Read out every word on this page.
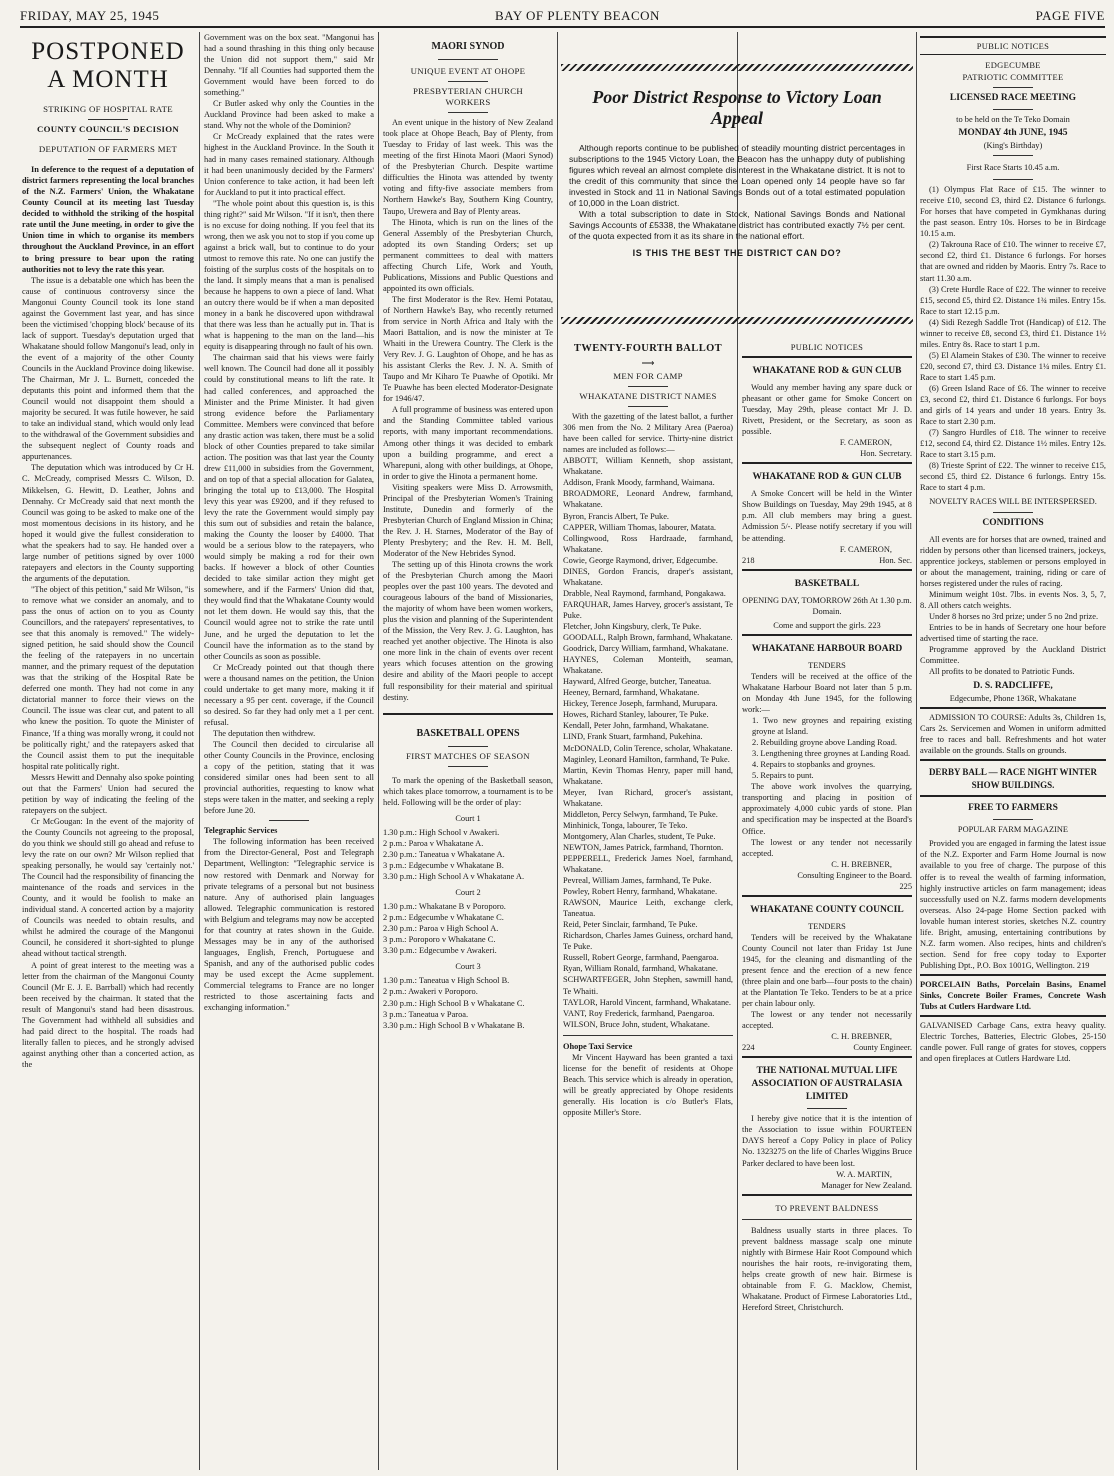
FRIDAY, MAY 25, 1945	BAY OF PLENTY BEACON	PAGE FIVE
POSTPONED A MONTH
STRIKING OF HOSPITAL RATE
COUNTY COUNCIL'S DECISION
DEPUTATION OF FARMERS MET

In deference to the request of a deputation of district farmers representing the local branches of the N.Z. Farmers' Union, the Whakatane County Council at its meeting last Tuesday decided to withhold the striking of the hospital rate until the June meeting, in order to give the Union time in which to organise its members throughout the Auckland Province, in an effort to bring pressure to bear upon the rating authorities not to levy the rate this year.

The issue is a debatable one which has been the cause of continuous controversy since the Mangonui County Council took its lone stand against the Government last year, and has since been the victimised 'chopping block' because of its lack of support. Tuesday's deputation urged that Whakatane should follow Mangonui's lead, only in the event of a majority of the other County Councils in the Auckland Province doing likewise. The Chairman, Mr J. L. Burnett, conceded the deputants this point and informed them that the Council would not disappoint them should a majority be secured. It was futile however, he said to take an individual stand, which would only lead to the withdrawal of the Government subsidies and the subsequent neglect of County roads and appurtenances.

The deputation which was introduced by Cr H. C. McCready, comprised Messrs C. Wilson, D. Mikkelsen, G. Hewitt, D. Leather, Johns and Dennahy. Cr McCready said that next month the Council was going to be asked to make one of the most momentous decisions in its history, and he hoped it would give the fullest consideration to what the speakers had to say. He handed over a large number of petitions signed by over 1000 ratepayers and electors in the County supporting the arguments of the deputation.

"The object of this petition," said Mr Wilson, "is to remove what we consider an anomaly, and to pass the onus of action on to you as County Councillors, and the ratepayers' representatives, to see that this anomaly is removed." The widely-signed petition, he said should show the Council the feeling of the ratepayers in no uncertain manner, and the primary request of the deputation was that the striking of the Hospital Rate be deferred one month. They had not come in any dictatorial manner to force their views on the Council. The issue was clear cut, and patent to all who knew the position. To quote the Minister of Finance, 'If a thing was morally wrong, it could not be politically right,' and the ratepayers asked that the Council assist them to put the inequitable hospital rate politically right.

Messrs Hewitt and Dennahy also spoke pointing out that the Farmers' Union had secured the petition by way of indicating the feeling of the ratepayers on the subject.

Cr McGougan: In the event of the majority of the County Councils not agreeing to the proposal, do you think we should still go ahead and refuse to levy the rate on our own? Mr Wilson replied that speaking personally, he would say 'certainly not.' The Council had the responsibility of financing the maintenance of the roads and services in the County, and it would be foolish to make an individual stand. A concerted action by a majority of Councils was needed to obtain results, and whilst he admired the courage of the Mangonui Council, he considered it short-sighted to plunge ahead without tactical strength.

A point of great interest to the meeting was a letter from the chairman of the Mangonui County Council (Mr E. J. E. Barrball) which had recently been received by the chairman. It stated that the result of Mangonui's stand had been disastrous. The Government had withheld all subsidies and had paid direct to the hospital. The roads had literally fallen to pieces, and he strongly advised against anything other than a concerted action, as the

Government was on the box seat. "Mangonui has had a sound thrashing in this thing only because the Union did not support them," said Mr Dennahy. "If all Counties had supported them the Government would have been forced to do something."

Cr Butler asked why only the Counties in the Auckland Province had been asked to make a stand. Why not the whole of the Dominion?

Cr McCready explained that the rates were highest in the Auckland Province. In the South it had in many cases remained stationary. Although it had been unanimously decided by the Farmers' Union conference to take action, it had been left for Auckland to put it into practical effect.

"The whole point about this question is, is this thing right?" said Mr Wilson. "If it isn't, then there is no excuse for doing nothing. If you feel that its wrong, then we ask you not to stop if you come up against a brick wall, but to continue to do your utmost to remove this rate. No one can justify the foisting of the surplus costs of the hospitals on to the land. It simply means that a man is penalised because he happens to own a piece of land. What an outcry there would be if when a man deposited money in a bank he discovered upon withdrawal that there was less than he actually put in. That is what is happening to the man on the land—his equity is disappearing through no fault of his own.

The chairman said that his views were fairly well known. The Council had done all it possibly could by constitutional means to lift the rate. It had called conferences, and approached the Minister and the Prime Minister. It had given strong evidence before the Parliamentary Committee. Members were convinced that before any drastic action was taken, there must be a solid block of other Counties prepared to take similar action. The position was that last year the County drew £11,000 in subsidies from the Government, and on top of that a special allocation for Galatea, bringing the total up to £13,000. The Hospital levy this year was £9200, and if they refused to levy the rate the Government would simply pay this sum out of subsidies and retain the balance, making the County the looser by £4000. That would be a serious blow to the ratepayers, who would simply be making a rod for their own backs. If however a block of other Counties decided to take similar action they might get somewhere, and if the Farmers' Union did that, they would find that the Whakatane County would not let them down. He would say this, that the Council would agree not to strike the rate until June, and he urged the deputation to let the Council have the information as to the stand by other Councils as soon as possible.

Cr McCready pointed out that though there were a thousand names on the petition, the Union could undertake to get many more, making it if necessary a 95 per cent. coverage, if the Council so desired. So far they had only met a 1 per cent. refusal.

The deputation then withdrew.

The Council then decided to circularise all other County Councils in the Province, enclosing a copy of the petition, stating that it was considered similar ones had been sent to all provincial authorities, requesting to know what steps were taken in the matter, and seeking a reply before June 20.

Telegraphic Services

The following information has been received from the Director-General, Post and Telegraph Department, Wellington: "Telegraphic service is now restored with Denmark and Norway for private telegrams of a personal but not business nature. Any of authorised plain languages allowed. Telegraphic communication is restored with Belgium and telegrams may now be accepted for that country at rates shown in the Guide. Messages may be in any of the authorised languages, English, French, Portuguese and Spanish, and any of the authorised public codes may be used except the Acme supplement. Commercial telegrams to France are no longer restricted to those ascertaining facts and exchanging information."

MAORI SYNOD
UNIQUE EVENT AT OHOPE
PRESBYTERIAN CHURCH WORKERS

An event unique in the history of New Zealand took place at Ohope Beach, Bay of Plenty, from Tuesday to Friday of last week. This was the meeting of the first Hinota Maori (Maori Synod) of the Presbyterian Church. Despite wartime difficulties the Hinota was attended by twenty voting and fifty-five associate members from Northern Hawke's Bay, Southern King Country, Taupo, Urewera and Bay of Plenty areas.

The Hinota, which is run on the lines of the General Assembly of the Presbyterian Church, adopted its own Standing Orders; set up permanent committees to deal with matters affecting Church Life, Work and Youth, Publications, Missions and Public Questions and appointed its own officials.

The first Moderator is the Rev. Hemi Potatau, of Northern Hawke's Bay, who recently returned from service in North Africa and Italy with the Maori Battalion, and is now the minister at Te Whaiti in the Urewera Country. The Clerk is the Very Rev. J. G. Laughton of Ohope, and he has as his assistant Clerks the Rev. J. N. A. Smith of Taupo and Mr Kiharo Te Puawhe of Opotiki. Mr Te Puawhe has been elected Moderator-Designate for 1946/47.

A full programme of business was entered upon and the Standing Committee tabled various reports, with many important recommendations. Among other things it was decided to embark upon a building programme, and erect a Wharepuni, along with other buildings, at Ohope, in order to give the Hinota a permanent home.

Visiting speakers were Miss D. Arrowsmith, Principal of the Presbyterian Women's Training Institute, Dunedin and formerly of the Presbyterian Church of England Mission in China; the Rev. J. H. Starnes, Moderator of the Bay of Plenty Presbytery; and the Rev. H. M. Bell, Moderator of the New Hebrides Synod.

The setting up of this Hinota crowns the work of the Presbyterian Church among the Maori peoples over the past 100 years. The devoted and courageous labours of the band of Missionaries, the majority of whom have been women workers, plus the vision and planning of the Superintendent of the Mission, the Very Rev. J. G. Laughton, has reached yet another objective. The Hinota is also one more link in the chain of events over recent years which focuses attention on the growing desire and ability of the Maori people to accept full responsibility for their material and spiritual destiny.

BASKETBALL OPENS
FIRST MATCHES OF SEASON

To mark the opening of the Basketball season, which takes place tomorrow, a tournament is to be held. Following will be the order of play:

Court 1

1.30 p.m.: High School v Awakeri.

2 p.m.: Paroa v Whakatane A.

2.30 p.m.: Taneatua v Whakatane A.

3 p.m.: Edgecumbe v Whakatane B.

3.30 p.m.: High School A v Whakatane A.

Court 2

1.30 p.m.: Whakatane B v Poroporo.

2 p.m.: Edgecumbe v Whakatane C.

2.30 p.m.: Paroa v High School A.

3 p.m.: Poroporo v Whakatane C.

3.30 p.m.: Edgecumbe v Awakeri.

Court 3

1.30 p.m.: Taneatua v High School B.

2 p.m.: Awakeri v Poroporo.

2.30 p.m.: High School B v Whakatane C.

3 p.m.: Taneatua v Paroa.

3.30 p.m.: High School B v Whakatane B.

Poor District Response to Victory Loan Appeal

Although reports continue to be published of steadily mounting district percentages in subscriptions to the 1945 Victory Loan, the Beacon has the unhappy duty of publishing figures which reveal an almost complete disinterest in the Whakatane district. It is not to the credit of this community that since the Loan opened only 14 people have so far invested in Stock and 11 in National Savings Bonds out of a total estimated population of 10,000 in the Loan district.

With a total subscription to date in Stock, National Savings Bonds and National Savings Accounts of £5338, the Whakatane district has contributed exactly 7½ per cent. of the quota expected from it as its share in the national effort.

IS THIS THE BEST THE DISTRICT CAN DO?
TWENTY-FOURTH BALLOT
⟶
MEN FOR CAMP
WHAKATANE DISTRICT NAMES

With the gazetting of the latest ballot, a further 306 men from the No. 2 Military Area (Paeroa) have been called for service. Thirty-nine district names are included as follows:—

ABBOTT, William Kenneth, shop assistant, Whakatane.

Addison, Frank Moody, farmhand, Waimana.

BROADMORE, Leonard Andrew, farmhand, Whakatane.

Byron, Francis Albert, Te Puke.

CAPPER, William Thomas, labourer, Matata.

Collingwood, Ross Hardraade, farmhand, Whakatane.

Cowie, George Raymond, driver, Edgecumbe.

DINES, Gordon Francis, draper's assistant, Whakatane.

Drabble, Neal Raymond, farmhand, Pongakawa.

FARQUHAR, James Harvey, grocer's assistant, Te Puke.

Fletcher, John Kingsbury, clerk, Te Puke.

GOODALL, Ralph Brown, farmhand, Whakatane.

Goodrick, Darcy William, farmhand, Whakatane.

HAYNES, Coleman Monteith, seaman, Whakatane.

Hayward, Alfred George, butcher, Taneatua.

Heeney, Bernard, farmhand, Whakatane.

Hickey, Terence Joseph, farmhand, Murupara.

Howes, Richard Stanley, labourer, Te Puke.

Kendall, Peter John, farmhand, Whakatane.

LIND, Frank Stuart, farmhand, Pukehina.

McDONALD, Colin Terence, scholar, Whakatane.

Maginley, Leonard Hamilton, farmhand, Te Puke.

Martin, Kevin Thomas Henry, paper mill hand, Whakatane.

Meyer, Ivan Richard, grocer's assistant, Whakatane.

Middleton, Percy Selwyn, farmhand, Te Puke.

Minhinick, Tonga, labourer, Te Teko.

Montgomery, Alan Charles, student, Te Puke.

NEWTON, James Patrick, farmhand, Thornton.

PEPPERELL, Frederick James Noel, farmhand, Whakatane.

Pevreal, William James, farmhand, Te Puke.

Powley, Robert Henry, farmhand, Whakatane.

RAWSON, Maurice Leith, exchange clerk, Taneatua.

Reid, Peter Sinclair, farmhand, Te Puke.

Richardson, Charles James Guiness, orchard hand, Te Puke.

Russell, Robert George, farmhand, Paengaroa.

Ryan, William Ronald, farmhand, Whakatane.

SCHWARTFEGER, John Stephen, sawmill hand, Te Whaiti.

TAYLOR, Harold Vincent, farmhand, Whakatane.

VANT, Roy Frederick, farmhand, Paengaroa.

WILSON, Bruce John, student, Whakatane.

Ohope Taxi Service

Mr Vincent Hayward has been granted a taxi license for the benefit of residents at Ohope Beach. This service which is already in operation, will be greatly appreciated by Ohope residents generally. His location is c/o Butler's Flats, opposite Miller's Store.

PUBLIC NOTICES
WHAKATANE ROD & GUN CLUB

Would any member having any spare duck or pheasant or other game for Smoke Concert on Tuesday, May 29th, please contact Mr J. D. Rivett, President, or the Secretary, as soon as possible.

F. CAMERON,
Hon. Secretary.
WHAKATANE ROD & GUN CLUB

A Smoke Concert will be held in the Winter Show Buildings on Tuesday, May 29th 1945, at 8 p.m. All club members may bring a guest. Admission 5/-. Please notify secretary if you will be attending.

F. CAMERON,
218	Hon. Sec.
BASKETBALL
OPENING DAY, TOMORROW 26th At 1.30 p.m. Domain.
Come and support the girls. 223
WHAKATANE HARBOUR BOARD
TENDERS

Tenders will be received at the office of the Whakatane Harbour Board not later than 5 p.m. on Monday 4th June 1945, for the following work:—

1. Two new groynes and repairing existing groyne at Island.

2. Rebuilding groyne above Landing Road.

3. Lengthening three groynes at Landing Road.

4. Repairs to stopbanks and groynes.

5. Repairs to punt.

The above work involves the quarrying, transporting and placing in position of approximately 4,000 cubic yards of stone. Plan and specification may be inspected at the Board's Office.

The lowest or any tender not necessarily accepted.

C. H. BREBNER,
Consulting Engineer to the Board.
225
WHAKATANE COUNTY COUNCIL
TENDERS

Tenders will be received by the Whakatane County Council not later than Friday 1st June 1945, for the cleaning and dismantling of the present fence and the erection of a new fence (three plain and one barb—four posts to the chain) at the Plantation Te Teko. Tenders to be at a price per chain labour only.

The lowest or any tender not necessarily accepted.

C. H. BREBNER,
224	County Engineer.
THE NATIONAL MUTUAL LIFE ASSOCIATION OF AUSTRALASIA LIMITED

I hereby give notice that it is the intention of the Association to issue within FOURTEEN DAYS hereof a Copy Policy in place of Policy No. 1323275 on the life of Charles Wiggins Bruce Parker declared to have been lost.

W. A. MARTIN,
Manager for New Zealand.
TO PREVENT BALDNESS

Baldness usually starts in three places. To prevent baldness massage scalp one minute nightly with Birmese Hair Root Compound which nourishes the hair roots, re-invigorating them, helps create growth of new hair. Birmese is obtainable from F. G. Macklow, Chemist, Whakatane. Product of Firmese Laboratories Ltd., Hereford Street, Christchurch.

PUBLIC NOTICES
EDGECUMBE
PATRIOTIC COMMITTEE
LICENSED RACE MEETING
to be held on the Te Teko Domain
MONDAY 4th JUNE, 1945
(King's Birthday)
First Race Starts 10.45 a.m.

(1) Olympus Flat Race of £15. The winner to receive £10, second £3, third £2. Distance 6 furlongs. For horses that have competed in Gymkhanas during the past season. Entry 10s. Horses to be in Birdcage 10.15 a.m.

(2) Takrouna Race of £10. The winner to receive £7, second £2, third £1. Distance 6 furlongs. For horses that are owned and ridden by Maoris. Entry 7s. Race to start 11.30 a.m.

(3) Crete Hurdle Race of £22. The winner to receive £15, second £5, third £2. Distance 1¾ miles. Entry 15s. Race to start 12.15 p.m.

(4) Sidi Rezegh Saddle Trot (Handicap) of £12. The winner to receive £8, second £3, third £1. Distance 1½ miles. Entry 8s. Race to start 1 p.m.

(5) El Alamein Stakes of £30. The winner to receive £20, second £7, third £3. Distance 1¼ miles. Entry £1. Race to start 1.45 p.m.

(6) Green Island Race of £6. The winner to receive £3, second £2, third £1. Distance 6 furlongs. For boys and girls of 14 years and under 18 years. Entry 3s. Race to start 2.30 p.m.

(7) Sangro Hurdles of £18. The winner to receive £12, second £4, third £2. Distance 1½ miles. Entry 12s. Race to start 3.15 p.m.

(8) Trieste Sprint of £22. The winner to receive £15, second £5, third £2. Distance 6 furlongs. Entry 15s. Race to start 4 p.m.

NOVELTY RACES WILL BE INTERSPERSED.
CONDITIONS

All events are for horses that are owned, trained and ridden by persons other than licensed trainers, jockeys, apprentice jockeys, stablemen or persons employed in or about the management, training, riding or care of horses registered under the rules of racing.

Minimum weight 10st. 7lbs. in events Nos. 3, 5, 7, 8. All others catch weights.

Under 8 horses no 3rd prize; under 5 no 2nd prize.

Entries to be in hands of Secretary one hour before advertised time of starting the race.

Programme approved by the Auckland District Committee.

All profits to be donated to Patriotic Funds.

D. S. RADCLIFFE,
Edgecumbe, Phone 136R, Whakatane

ADMISSION TO COURSE: Adults 3s, Children 1s, Cars 2s. Servicemen and Women in uniform admitted free to races and ball. Refreshments and hot water available on the grounds. Stalls on grounds.

DERBY BALL — RACE NIGHT WINTER SHOW BUILDINGS.
FREE TO FARMERS
POPULAR FARM MAGAZINE

Provided you are engaged in farming the latest issue of the N.Z. Exporter and Farm Home Journal is now available to you free of charge. The purpose of this offer is to reveal the wealth of farming information, highly instructive articles on farm management; ideas successfully used on N.Z. farms modern developments overseas. Also 24-page Home Section packed with lovable human interest stories, sketches N.Z. country life. Bright, amusing, entertaining contributions by N.Z. farm women. Also recipes, hints and children's section. Send for free copy today to Exporter Publishing Dpt., P.O. Box 1001G, Wellington. 219

PORCELAIN Baths, Porcelain Basins, Enamel Sinks, Concrete Boiler Frames, Concrete Wash Tubs at Cutlers Hardware Ltd.

GALVANISED Carbage Cans, extra heavy quality. Electric Torches, Batteries, Electric Globes, 25-150 candle power. Full range of grates for stoves, coppers and open fireplaces at Cutlers Hardware Ltd.
